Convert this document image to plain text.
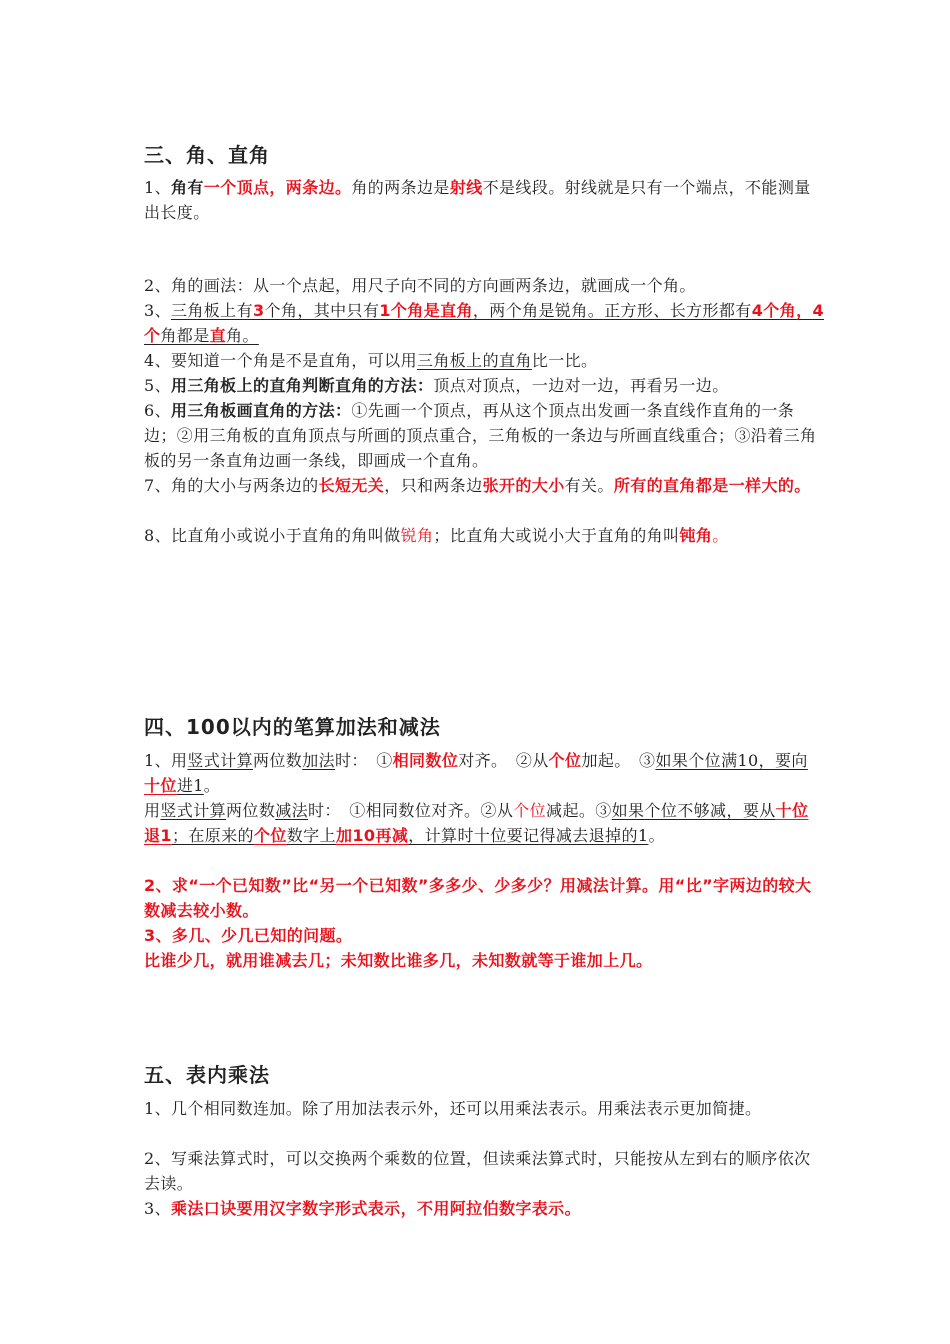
三、角、直角
1、角有一个顶点，两条边。角的两条边是射线不是线段。射线就是只有一个端点，不能测量出长度。
2、角的画法：从一个点起，用尺子向不同的方向画两条边，就画成一个角。
3、三角板上有3个角，其中只有1个角是直角，两个角是锐角。正方形、长方形都有4个角，4个角都是直角。
4、要知道一个角是不是直角，可以用三角板上的直角比一比。
5、用三角板上的直角判断直角的方法：顶点对顶点，一边对一边，再看另一边。
6、用三角板画直角的方法：①先画一个顶点，再从这个顶点出发画一条直线作直角的一条边；②用三角板的直角顶点与所画的顶点重合，三角板的一条边与所画直线重合；③沿着三角板的另一条直角边画一条线，即画成一个直角。
7、角的大小与两条边的长短无关，只和两条边张开的大小有关。所有的直角都是一样大的。
8、比直角小或说小于直角的角叫做锐角；比直角大或说小大于直角的角叫钝角。
四、100以内的笔算加法和减法
1、用竖式计算两位数加法时：　①相同数位对齐。　②从个位加起。　③如果个位满10，要向十位进1。
用竖式计算两位数减法时：　①相同数位对齐。②从个位减起。③如果个位不够减，要从十位退1；在原来的个位数字上加10再减，计算时十位要记得减去退掉的1。
2、求“一个已知数”比“另一个已知数”多多少、少多少？用减法计算。用“比”字两边的较大数减去较小数。
3、多几、少几已知的问题。
比谁少几，就用谁减去几；未知数比谁多几，未知数就等于谁加上几。
五、表内乘法
1、几个相同数连加。除了用加法表示外，还可以用乘法表示。用乘法表示更加简捷。
2、写乘法算式时，可以交换两个乘数的位置，但读乘法算式时，只能按从左到右的顺序依次去读。
3、乘法口诀要用汉字数字形式表示，不用阿拉伯数字表示。
